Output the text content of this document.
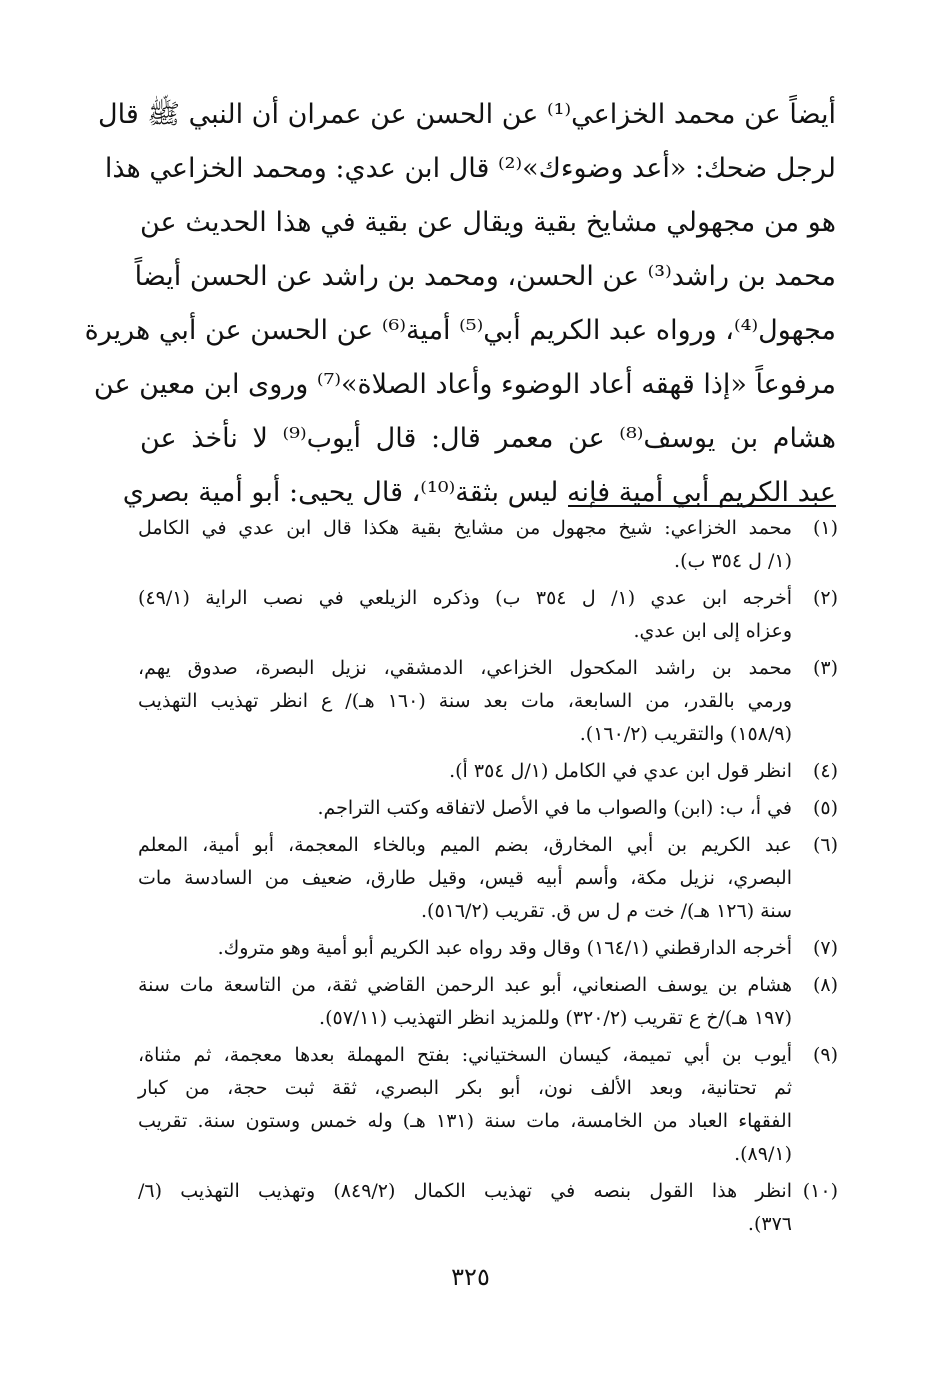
أيضاً عن محمد الخزاعي⁽¹⁾ عن الحسن عن عمران أن النبي ﷺ قال
لرجل ضحك: «أعد وضوءك»⁽²⁾ قال ابن عدي: ومحمد الخزاعي هذا
هو من مجهولي مشايخ بقية ويقال عن بقية في هذا الحديث عن
محمد بن راشد⁽³⁾ عن الحسن، ومحمد بن راشد عن الحسن أيضاً
مجهول⁽⁴⁾، ورواه عبد الكريم أبي⁽⁵⁾ أمية⁽⁶⁾ عن الحسن عن أبي هريرة
مرفوعاً «إذا قهقه أعاد الوضوء وأعاد الصلاة»⁽⁷⁾ وروى ابن معين عن
هشام بن يوسف⁽⁸⁾ عن معمر قال: قال أيوب⁽⁹⁾ لا نأخذ عن
عبد الكريم أبي أمية فإنه ليس بثقة⁽¹⁰⁾، قال يحيى: أبو أمية بصري
(١)
محمد الخزاعي: شيخ مجهول من مشايخ بقية هكذا قال ابن عدي في الكامل
(١/ ل ٣٥٤ ب).
(٢)
أخرجه ابن عدي (١/ ل ٣٥٤ ب) وذكره الزيلعي في نصب الراية (٤٩/١)
وعزاه إلى ابن عدي.
(٣)
محمد بن راشد المكحول الخزاعي، الدمشقي، نزيل البصرة، صدوق يهم،
ورمي بالقدر، من السابعة، مات بعد سنة (١٦٠ هـ)/ ع انظر تهذيب التهذيب
(١٥٨/٩) والتقريب (١٦٠/٢).
(٤)
انظر قول ابن عدي في الكامل (١/ل ٣٥٤ أ).
(٥)
في أ، ب: (ابن) والصواب ما في الأصل لاتفاقه وكتب التراجم.
(٦)
عبد الكريم بن أبي المخارق، بضم الميم وبالخاء المعجمة، أبو أمية، المعلم
البصري، نزيل مكة، وأسم أبيه قيس، وقيل طارق، ضعيف من السادسة مات
سنة (١٢٦ هـ)/ خت م ل س ق. تقريب (٥١٦/٢).
(٧)
أخرجه الدارقطني (١٦٤/١) وقال وقد رواه عبد الكريم أبو أمية وهو متروك.
(٨)
هشام بن يوسف الصنعاني، أبو عبد الرحمن القاضي ثقة، من التاسعة مات سنة
(١٩٧ هـ)/خ ع تقريب (٣٢٠/٢) وللمزيد انظر التهذيب (٥٧/١١).
(٩)
أيوب بن أبي تميمة، كيسان السختياني: بفتح المهملة بعدها معجمة، ثم مثناة،
ثم تحتانية، وبعد الألف نون، أبو بكر البصري، ثقة ثبت حجة، من كبار
الفقهاء العباد من الخامسة، مات سنة (١٣١ هـ) وله خمس وستون سنة. تقريب
(٨٩/١).
(١٠)
انظر هذا القول بنصه في تهذيب الكمال (٨٤٩/٢) وتهذيب التهذيب (٦/
٣٧٦).
٣٢٥
